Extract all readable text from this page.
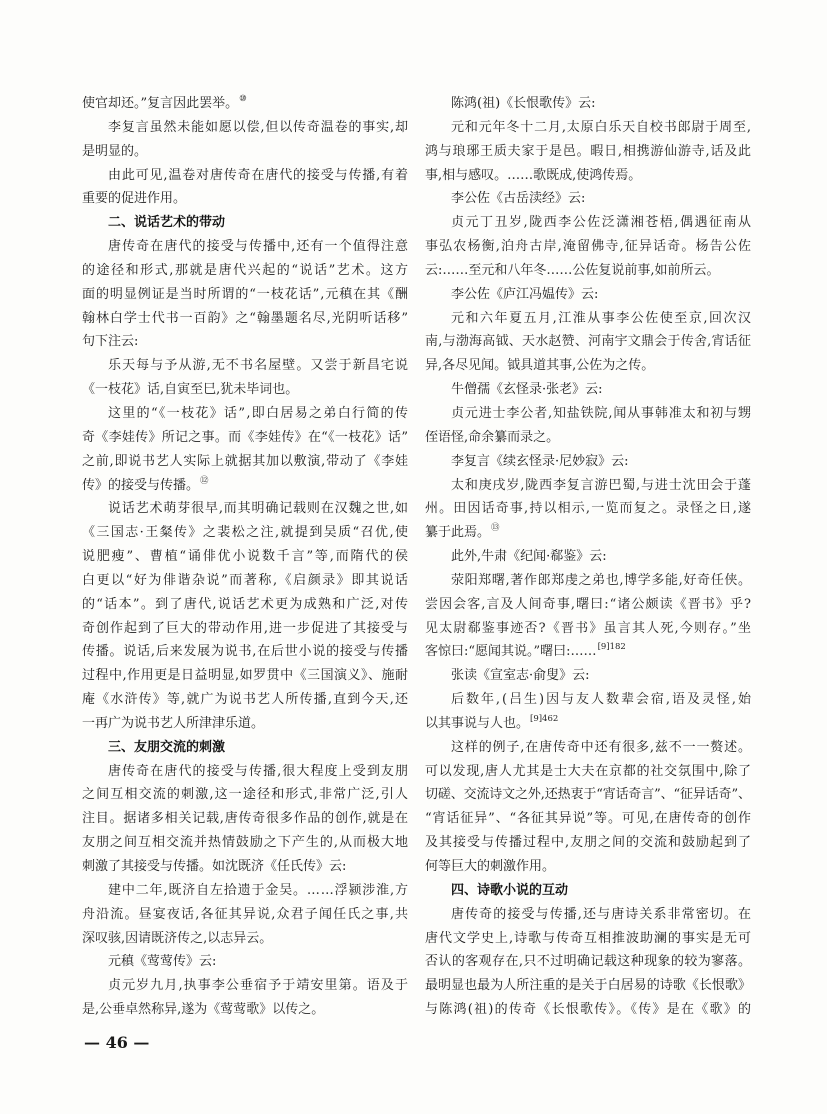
使官却还。”复言因此罢举。⑩
李复言虽然未能如愿以偿,但以传奇温卷的事实,却
是明显的。
由此可见,温卷对唐传奇在唐代的接受与传播,有着
重要的促进作用。
二、说话艺术的带动
唐传奇在唐代的接受与传播中,还有一个值得注意
的途径和形式,那就是唐代兴起的“说话”艺术。这方
面的明显例证是当时所谓的“一枝花话”,元稹在其《酬
翰林白学士代书一百韵》之“翰墨题名尽,光阴听话移”
句下注云:
乐天每与予从游,无不书名屋壁。又尝于新昌宅说
《一枝花》话,自寅至巳,犹未毕词也。
这里的“《一枝花》话”,即白居易之弟白行简的传
奇《李娃传》所记之事。而《李娃传》在“《一枝花》话”
之前,即说书艺人实际上就据其加以敷演,带动了《李娃
传》的接受与传播。⑫
说话艺术萌芽很早,而其明确记载则在汉魏之世,如
《三国志·王粲传》之裴松之注,就提到吴质“召优,使
说肥瘦”、曹植“诵俳优小说数千言”等,而隋代的侯
白更以“好为俳谐杂说”而著称,《启颜录》即其说话
的“话本”。到了唐代,说话艺术更为成熟和广泛,对传
奇创作起到了巨大的带动作用,进一步促进了其接受与
传播。说话,后来发展为说书,在后世小说的接受与传播
过程中,作用更是日益明显,如罗贯中《三国演义》、施耐
庵《水浒传》等,就广为说书艺人所传播,直到今天,还
一再广为说书艺人所津津乐道。
三、友朋交流的刺激
唐传奇在唐代的接受与传播,很大程度上受到友朋
之间互相交流的刺激,这一途径和形式,非常广泛,引人
注目。据诸多相关记载,唐传奇很多作品的创作,就是在
友朋之间互相交流并热情鼓励之下产生的,从而极大地
刺激了其接受与传播。如沈既济《任氏传》云:
建中二年,既济自左拾遗于金吴。……浮颍涉淮,方
舟沿流。昼宴夜话,各征其异说,众君子闻任氏之事,共
深叹骇,因请既济传之,以志异云。
元稹《莺莺传》云:
贞元岁九月,执事李公垂宿予于靖安里第。语及于
是,公垂卓然称异,遂为《莺莺歌》以传之。
陈鸿(祖)《长恨歌传》云:
元和元年冬十二月,太原白乐天自校书郎尉于周至,
鸿与琅琊王质夫家于是邑。暇日,相携游仙游寺,话及此
事,相与感叹。……歌既成,使鸿传焉。
李公佐《古岳渎经》云:
贞元丁丑岁,陇西李公佐泛潇湘苍梧,偶遇征南从
事弘农杨衡,泊舟古岸,淹留佛寺,征异话奇。杨告公佐
云:……至元和八年冬……公佐复说前事,如前所云。
李公佐《庐江冯媪传》云:
元和六年夏五月,江淮从事李公佐使至京,回次汉
南,与渤海高钺、天水赵赞、河南宇文鼎会于传舍,宵话征
异,各尽见闻。钺具道其事,公佐为之传。
牛僧孺《玄怪录·张老》云:
贞元进士李公者,知盐铁院,闻从事韩准太和初与甥
侄语怪,命余纂而录之。
李复言《续玄怪录·尼妙寂》云:
太和庚戌岁,陇西李复言游巴蜀,与进士沈田会于蓬
州。田因话奇事,持以相示,一览而复之。录怪之日,遂
纂于此焉。⑬
此外,牛肃《纪闻·郗鉴》云:
荥阳郑曙,著作郎郑虔之弟也,博学多能,好奇任侠。
尝因会客,言及人间奇事,曙曰:“诸公颇读《晋书》乎?
见太尉郗鉴事迹否?《晋书》虽言其人死,今则存。”坐
客惊曰:“愿闻其说。”曙曰:……$^{[9]182}$
张读《宣室志·俞叟》云:
后数年,(吕生)因与友人数辈会宿,语及灵怪,始
以其事说与人也。$^{[9]462}$
这样的例子,在唐传奇中还有很多,兹不一一赘述。
可以发现,唐人尤其是士大夫在京都的社交氛围中,除了
切磋、交流诗文之外,还热衷于“宵话奇言”、“征异话奇”、
“宵话征异”、“各征其异说”等。可见,在唐传奇的创作
及其接受与传播过程中,友朋之间的交流和鼓励起到了
何等巨大的刺激作用。
四、诗歌小说的互动
唐传奇的接受与传播,还与唐诗关系非常密切。在
唐代文学史上,诗歌与传奇互相推波助澜的事实是无可
否认的客观存在,只不过明确记载这种现象的较为寥落。
最明显也最为人所注重的是关于白居易的诗歌《长恨歌》
与陈鸿(祖)的传奇《长恨歌传》。《传》是在《歌》的
— 46 —
